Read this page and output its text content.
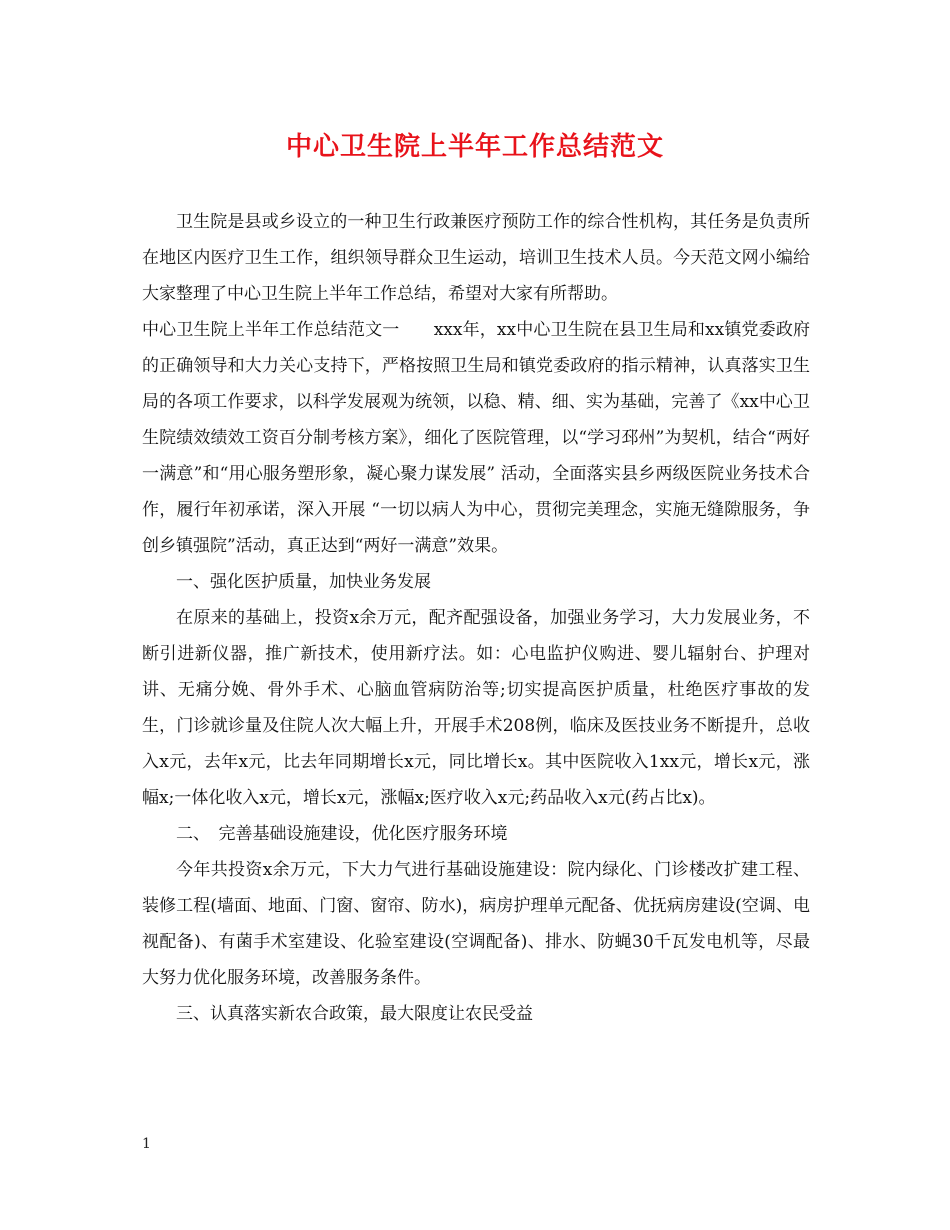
中心卫生院上半年工作总结范文

卫生院是县或乡设立的一种卫生行政兼医疗预防工作的综合性机构，其任务是负责所在地区内医疗卫生工作，组织领导群众卫生运动，培训卫生技术人员。今天范文网小编给大家整理了中心卫生院上半年工作总结，希望对大家有所帮助。

中心卫生院上半年工作总结范文一　　xxx年，xx中心卫生院在县卫生局和xx镇党委政府的正确领导和大力关心支持下，严格按照卫生局和镇党委政府的指示精神，认真落实卫生局的各项工作要求，以科学发展观为统领，以稳、精、细、实为基础，完善了《xx中心卫生院绩效绩效工资百分制考核方案》，细化了医院管理，以“学习邳州”为契机，结合“两好一满意”和“用心服务塑形象，凝心聚力谋发展” 活动，全面落实县乡两级医院业务技术合作，履行年初承诺，深入开展 “一切以病人为中心，贯彻完美理念，实施无缝隙服务，争创乡镇强院”活动，真正达到“两好一满意”效果。

一、强化医护质量，加快业务发展

在原来的基础上，投资x余万元，配齐配强设备，加强业务学习，大力发展业务，不断引进新仪器，推广新技术，使用新疗法。如：心电监护仪购进、婴儿辐射台、护理对讲、无痛分娩、骨外手术、心脑血管病防治等;切实提高医护质量，杜绝医疗事故的发生，门诊就诊量及住院人次大幅上升，开展手术208例，临床及医技业务不断提升，总收入x元，去年x元，比去年同期增长x元，同比增长x。其中医院收入1xx元，增长x元，涨幅x;一体化收入x元，增长x元，涨幅x;医疗收入x元;药品收入x元(药占比x)。

二、　完善基础设施建设，优化医疗服务环境

今年共投资x余万元，下大力气进行基础设施建设：院内绿化、门诊楼改扩建工程、装修工程(墙面、地面、门窗、窗帘、防水)，病房护理单元配备、优抚病房建设(空调、电视配备)、有菌手术室建设、化验室建设(空调配备)、排水、防蝇30千瓦发电机等，尽最大努力优化服务环境，改善服务条件。

三、认真落实新农合政策，最大限度让农民受益

1
